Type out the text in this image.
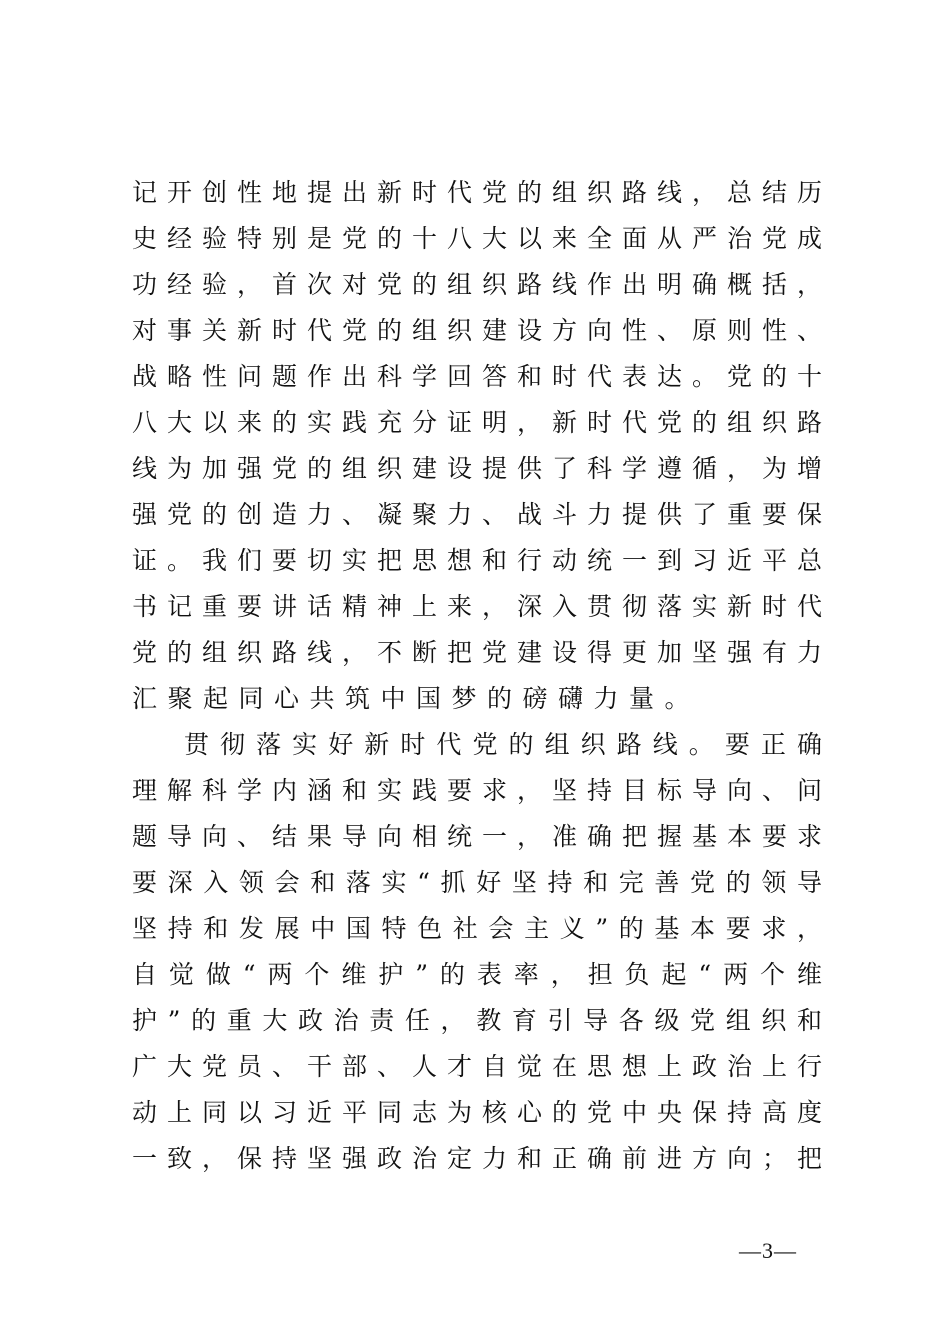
记开创性地提出新时代党的组织路线，总结历
史经验特别是党的十八大以来全面从严治党成
功经验，首次对党的组织路线作出明确概括，
对事关新时代党的组织建设方向性、原则性、
战略性问题作出科学回答和时代表达。党的十
八大以来的实践充分证明，新时代党的组织路
线为加强党的组织建设提供了科学遵循，为增
强党的创造力、凝聚力、战斗力提供了重要保
证。我们要切实把思想和行动统一到习近平总
书记重要讲话精神上来，深入贯彻落实新时代
党的组织路线，不断把党建设得更加坚强有力
汇聚起同心共筑中国梦的磅礴力量。
贯彻落实好新时代党的组织路线。要正确
理解科学内涵和实践要求，坚持目标导向、问
题导向、结果导向相统一，准确把握基本要求
要深入领会和落实“抓好坚持和完善党的领导
坚持和发展中国特色社会主义”的基本要求，
自觉做“两个维护”的表率，担负起“两个维
护”的重大政治责任，教育引导各级党组织和
广大党员、干部、人才自觉在思想上政治上行
动上同以习近平同志为核心的党中央保持高度
一致，保持坚强政治定力和正确前进方向；把
—3—
